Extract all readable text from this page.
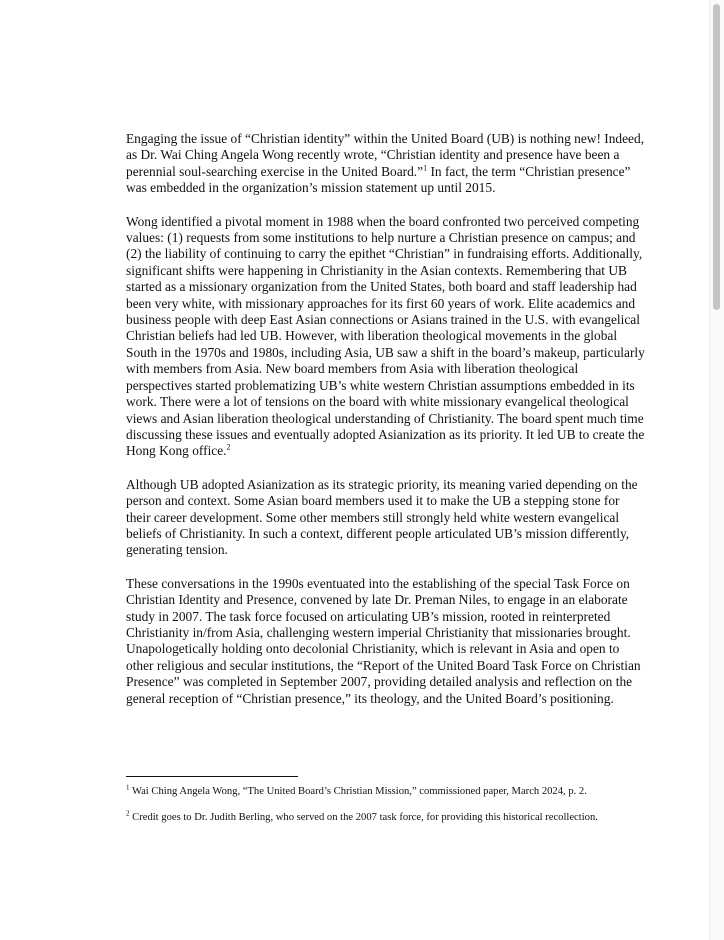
Engaging the issue of “Christian identity” within the United Board (UB) is nothing new! Indeed, as Dr. Wai Ching Angela Wong recently wrote, “Christian identity and presence have been a perennial soul-searching exercise in the United Board.”$^1$ In fact, the term “Christian presence” was embedded in the organization’s mission statement up until 2015.

Wong identified a pivotal moment in 1988 when the board confronted two perceived competing values: (1) requests from some institutions to help nurture a Christian presence on campus; and (2) the liability of continuing to carry the epithet “Christian” in fundraising efforts. Additionally, significant shifts were happening in Christianity in the Asian contexts. Remembering that UB started as a missionary organization from the United States, both board and staff leadership had been very white, with missionary approaches for its first 60 years of work. Elite academics and business people with deep East Asian connections or Asians trained in the U.S. with evangelical Christian beliefs had led UB. However, with liberation theological movements in the global South in the 1970s and 1980s, including Asia, UB saw a shift in the board’s makeup, particularly with members from Asia. New board members from Asia with liberation theological perspectives started problematizing UB’s white western Christian assumptions embedded in its work. There were a lot of tensions on the board with white missionary evangelical theological views and Asian liberation theological understanding of Christianity. The board spent much time discussing these issues and eventually adopted Asianization as its priority. It led UB to create the Hong Kong office.$^2$

Although UB adopted Asianization as its strategic priority, its meaning varied depending on the person and context. Some Asian board members used it to make the UB a stepping stone for their career development. Some other members still strongly held white western evangelical beliefs of Christianity. In such a context, different people articulated UB’s mission differently, generating tension.

These conversations in the 1990s eventuated into the establishing of the special Task Force on Christian Identity and Presence, convened by late Dr. Preman Niles, to engage in an elaborate study in 2007. The task force focused on articulating UB’s mission, rooted in reinterpreted Christianity in/from Asia, challenging western imperial Christianity that missionaries brought. Unapologetically holding onto decolonial Christianity, which is relevant in Asia and open to other religious and secular institutions, the “Report of the United Board Task Force on Christian Presence” was completed in September 2007, providing detailed analysis and reflection on the general reception of “Christian presence,” its theology, and the United Board’s positioning.

$^1$ Wai Ching Angela Wong, “The United Board’s Christian Mission,” commissioned paper, March 2024, p. 2.

$^2$ Credit goes to Dr. Judith Berling, who served on the 2007 task force, for providing this historical recollection.
